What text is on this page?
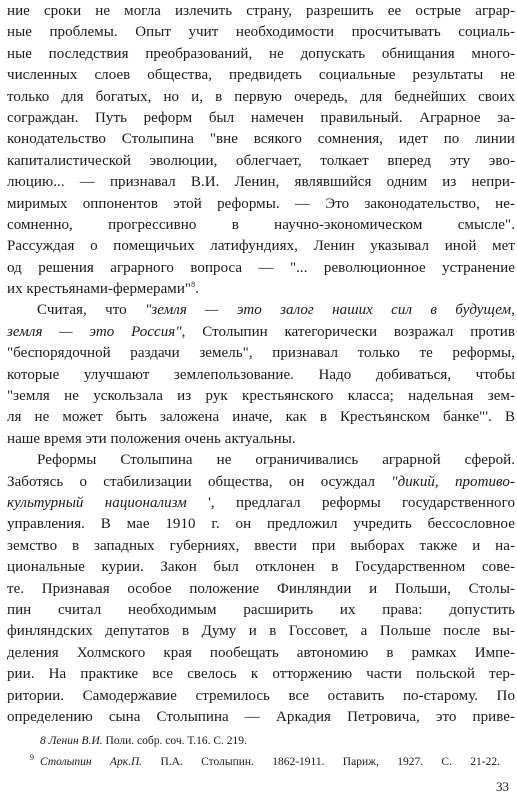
ние сроки не могла излечить страну, разрешить ее острые аграр-
ные проблемы. Опыт учит необходимости просчитывать социаль-
ные последствия преобразований, не допускать обнищания много-
численных слоев общества, предвидеть социальные результаты не
только для богатых, но и, в первую очередь, для беднейших своих
сограждан. Путь реформ был намечен правильный. Аграрное за-
конодательство Столыпина "вне всякого сомнения, идет по линии
капиталистической эволюции, облегчает, толкает вперед эту эво-
люцию... — признавал В.И. Ленин, являвшийся одним из непри-
миримых оппонентов этой реформы. — Это законодательство, не-
сомненно, прогрессивно в научно-экономическом смысле".
Рассуждая о помещичьих латифундиях, Ленин указывал иной мет
од решения аграрного вопроса — "... революционное устранение
их крестьянами-фермерами"$^8$.
Считая, что "земля — это залог наших сил в будущем,
земля — это Россия", Столыпин категорически возражал против
"беспорядочной раздачи земель", признавал только те реформы,
которые улучшают землепользование. Надо добиваться, чтобы
"земля не ускользала из рук крестьянского класса; надельная зем-
ля не может быть заложена иначе, как в Крестьянском банке"'. В
наше время эти положения очень актуальны.
Реформы Столыпина не ограничивались аграрной сферой.
Заботясь о стабилизации общества, он осуждал "дикий, противо-
культурный национализм ', предлагал реформы государственного
управления. В мае 1910 г. он предложил учредить бессословное
земство в западных губерниях, ввести при выборах также и на-
циональные курии. Закон был отклонен в Государственном сове-
те. Признавая особое положение Финляндии и Польши, Столы-
пин считал необходимым расширить их права: допустить
финляндских депутатов в Думу и в Госсовет, а Польше после вы-
деления Холмского края пообещать автономию в рамках Импе-
рии. На практике все свелось к отторжению части польской тер-
ритории. Самодержавие стремилось все оставить по-старому. По
определению сына Столыпина — Аркадия Петровича, это приве-
8 Ленин В.И. Поли. собр. соч. Т.16. С. 219.
$^9$ Столыпин Арк.П. П.А. Столыпин. 1862-1911. Париж, 1927. С. 21-22.
33
